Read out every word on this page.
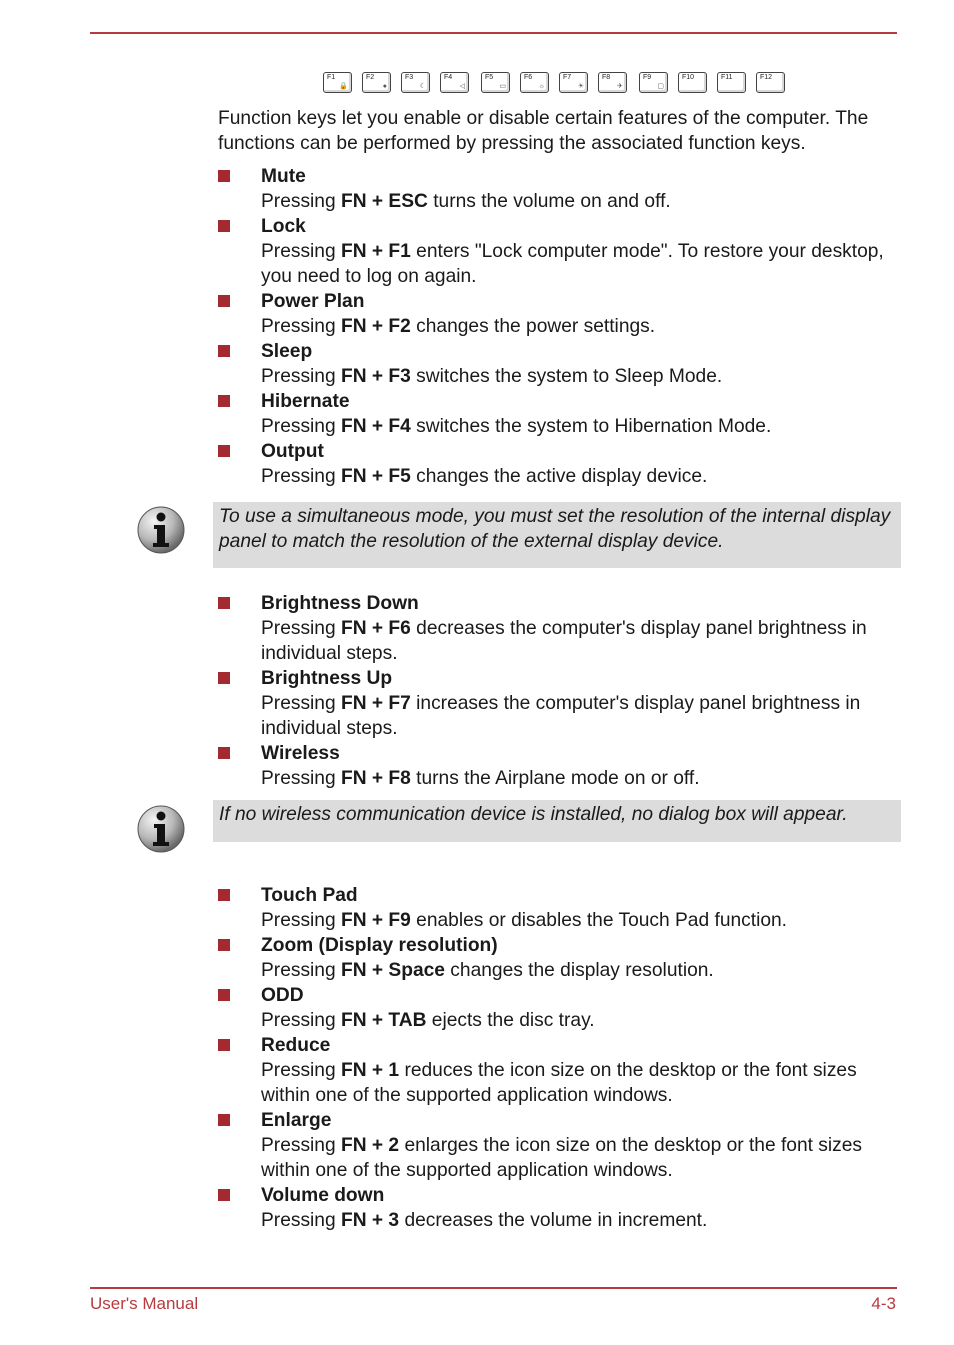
F1
🔒
F2
●
F3
☾
F4
◁
F5
▭
F6
☼
F7
☀
F8
✈
F9
▢
F10	F11	F12
Function keys let you enable or disable certain features of the computer. The functions can be performed by pressing the associated function keys.
Mute
Pressing FN + ESC turns the volume on and off.
Lock
Pressing FN + F1 enters "Lock computer mode". To restore your desktop, you need to log on again.
Power Plan
Pressing FN + F2 changes the power settings.
Sleep
Pressing FN + F3 switches the system to Sleep Mode.
Hibernate
Pressing FN + F4 switches the system to Hibernation Mode.
Output
Pressing FN + F5 changes the active display device.
To use a simultaneous mode, you must set the resolution of the internal display panel to match the resolution of the external display device.
Brightness Down
Pressing FN + F6 decreases the computer's display panel brightness in individual steps.
Brightness Up
Pressing FN + F7 increases the computer's display panel brightness in individual steps.
Wireless
Pressing FN + F8 turns the Airplane mode on or off.
If no wireless communication device is installed, no dialog box will appear.
Touch Pad
Pressing FN + F9 enables or disables the Touch Pad function.
Zoom (Display resolution)
Pressing FN + Space changes the display resolution.
ODD
Pressing FN + TAB ejects the disc tray.
Reduce
Pressing FN + 1 reduces the icon size on the desktop or the font sizes within one of the supported application windows.
Enlarge
Pressing FN + 2 enlarges the icon size on the desktop or the font sizes within one of the supported application windows.
Volume down
Pressing FN + 3 decreases the volume in increment.
User's Manual	4-3
